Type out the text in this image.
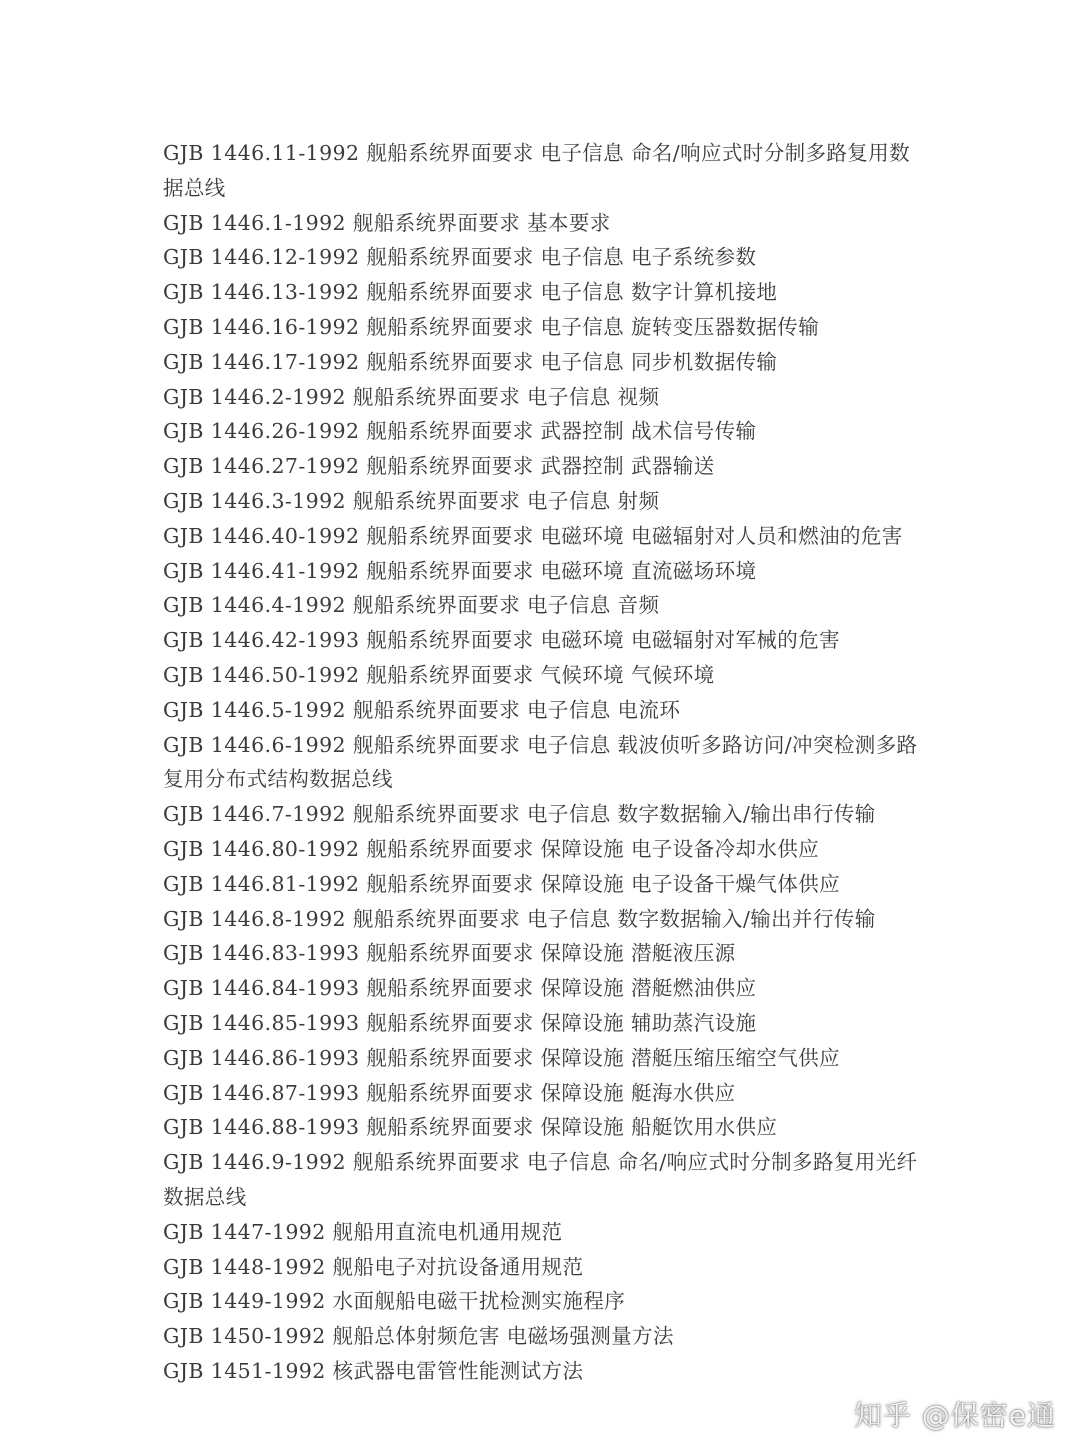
GJB 1446.11-1992 舰船系统界面要求 电子信息 命名/响应式时分制多路复用数据总线
GJB 1446.1-1992 舰船系统界面要求 基本要求
GJB 1446.12-1992 舰船系统界面要求 电子信息 电子系统参数
GJB 1446.13-1992 舰船系统界面要求 电子信息 数字计算机接地
GJB 1446.16-1992 舰船系统界面要求 电子信息 旋转变压器数据传输
GJB 1446.17-1992 舰船系统界面要求 电子信息 同步机数据传输
GJB 1446.2-1992 舰船系统界面要求 电子信息 视频
GJB 1446.26-1992 舰船系统界面要求 武器控制 战术信号传输
GJB 1446.27-1992 舰船系统界面要求 武器控制 武器输送
GJB 1446.3-1992 舰船系统界面要求 电子信息 射频
GJB 1446.40-1992 舰船系统界面要求 电磁环境 电磁辐射对人员和燃油的危害
GJB 1446.41-1992 舰船系统界面要求 电磁环境 直流磁场环境
GJB 1446.4-1992 舰船系统界面要求 电子信息 音频
GJB 1446.42-1993 舰船系统界面要求 电磁环境 电磁辐射对军械的危害
GJB 1446.50-1992 舰船系统界面要求 气候环境 气候环境
GJB 1446.5-1992 舰船系统界面要求 电子信息 电流环
GJB 1446.6-1992 舰船系统界面要求 电子信息 载波侦听多路访问/冲突检测多路复用分布式结构数据总线
GJB 1446.7-1992 舰船系统界面要求 电子信息 数字数据输入/输出串行传输
GJB 1446.80-1992 舰船系统界面要求 保障设施 电子设备冷却水供应
GJB 1446.81-1992 舰船系统界面要求 保障设施 电子设备干燥气体供应
GJB 1446.8-1992 舰船系统界面要求 电子信息 数字数据输入/输出并行传输
GJB 1446.83-1993 舰船系统界面要求 保障设施 潜艇液压源
GJB 1446.84-1993 舰船系统界面要求 保障设施 潜艇燃油供应
GJB 1446.85-1993 舰船系统界面要求 保障设施 辅助蒸汽设施
GJB 1446.86-1993 舰船系统界面要求 保障设施 潜艇压缩压缩空气供应
GJB 1446.87-1993 舰船系统界面要求 保障设施 艇海水供应
GJB 1446.88-1993 舰船系统界面要求 保障设施 船艇饮用水供应
GJB 1446.9-1992 舰船系统界面要求 电子信息 命名/响应式时分制多路复用光纤数据总线
GJB 1447-1992 舰船用直流电机通用规范
GJB 1448-1992 舰船电子对抗设备通用规范
GJB 1449-1992 水面舰船电磁干扰检测实施程序
GJB 1450-1992 舰船总体射频危害 电磁场强测量方法
GJB 1451-1992 核武器电雷管性能测试方法
知乎 @保密e通
